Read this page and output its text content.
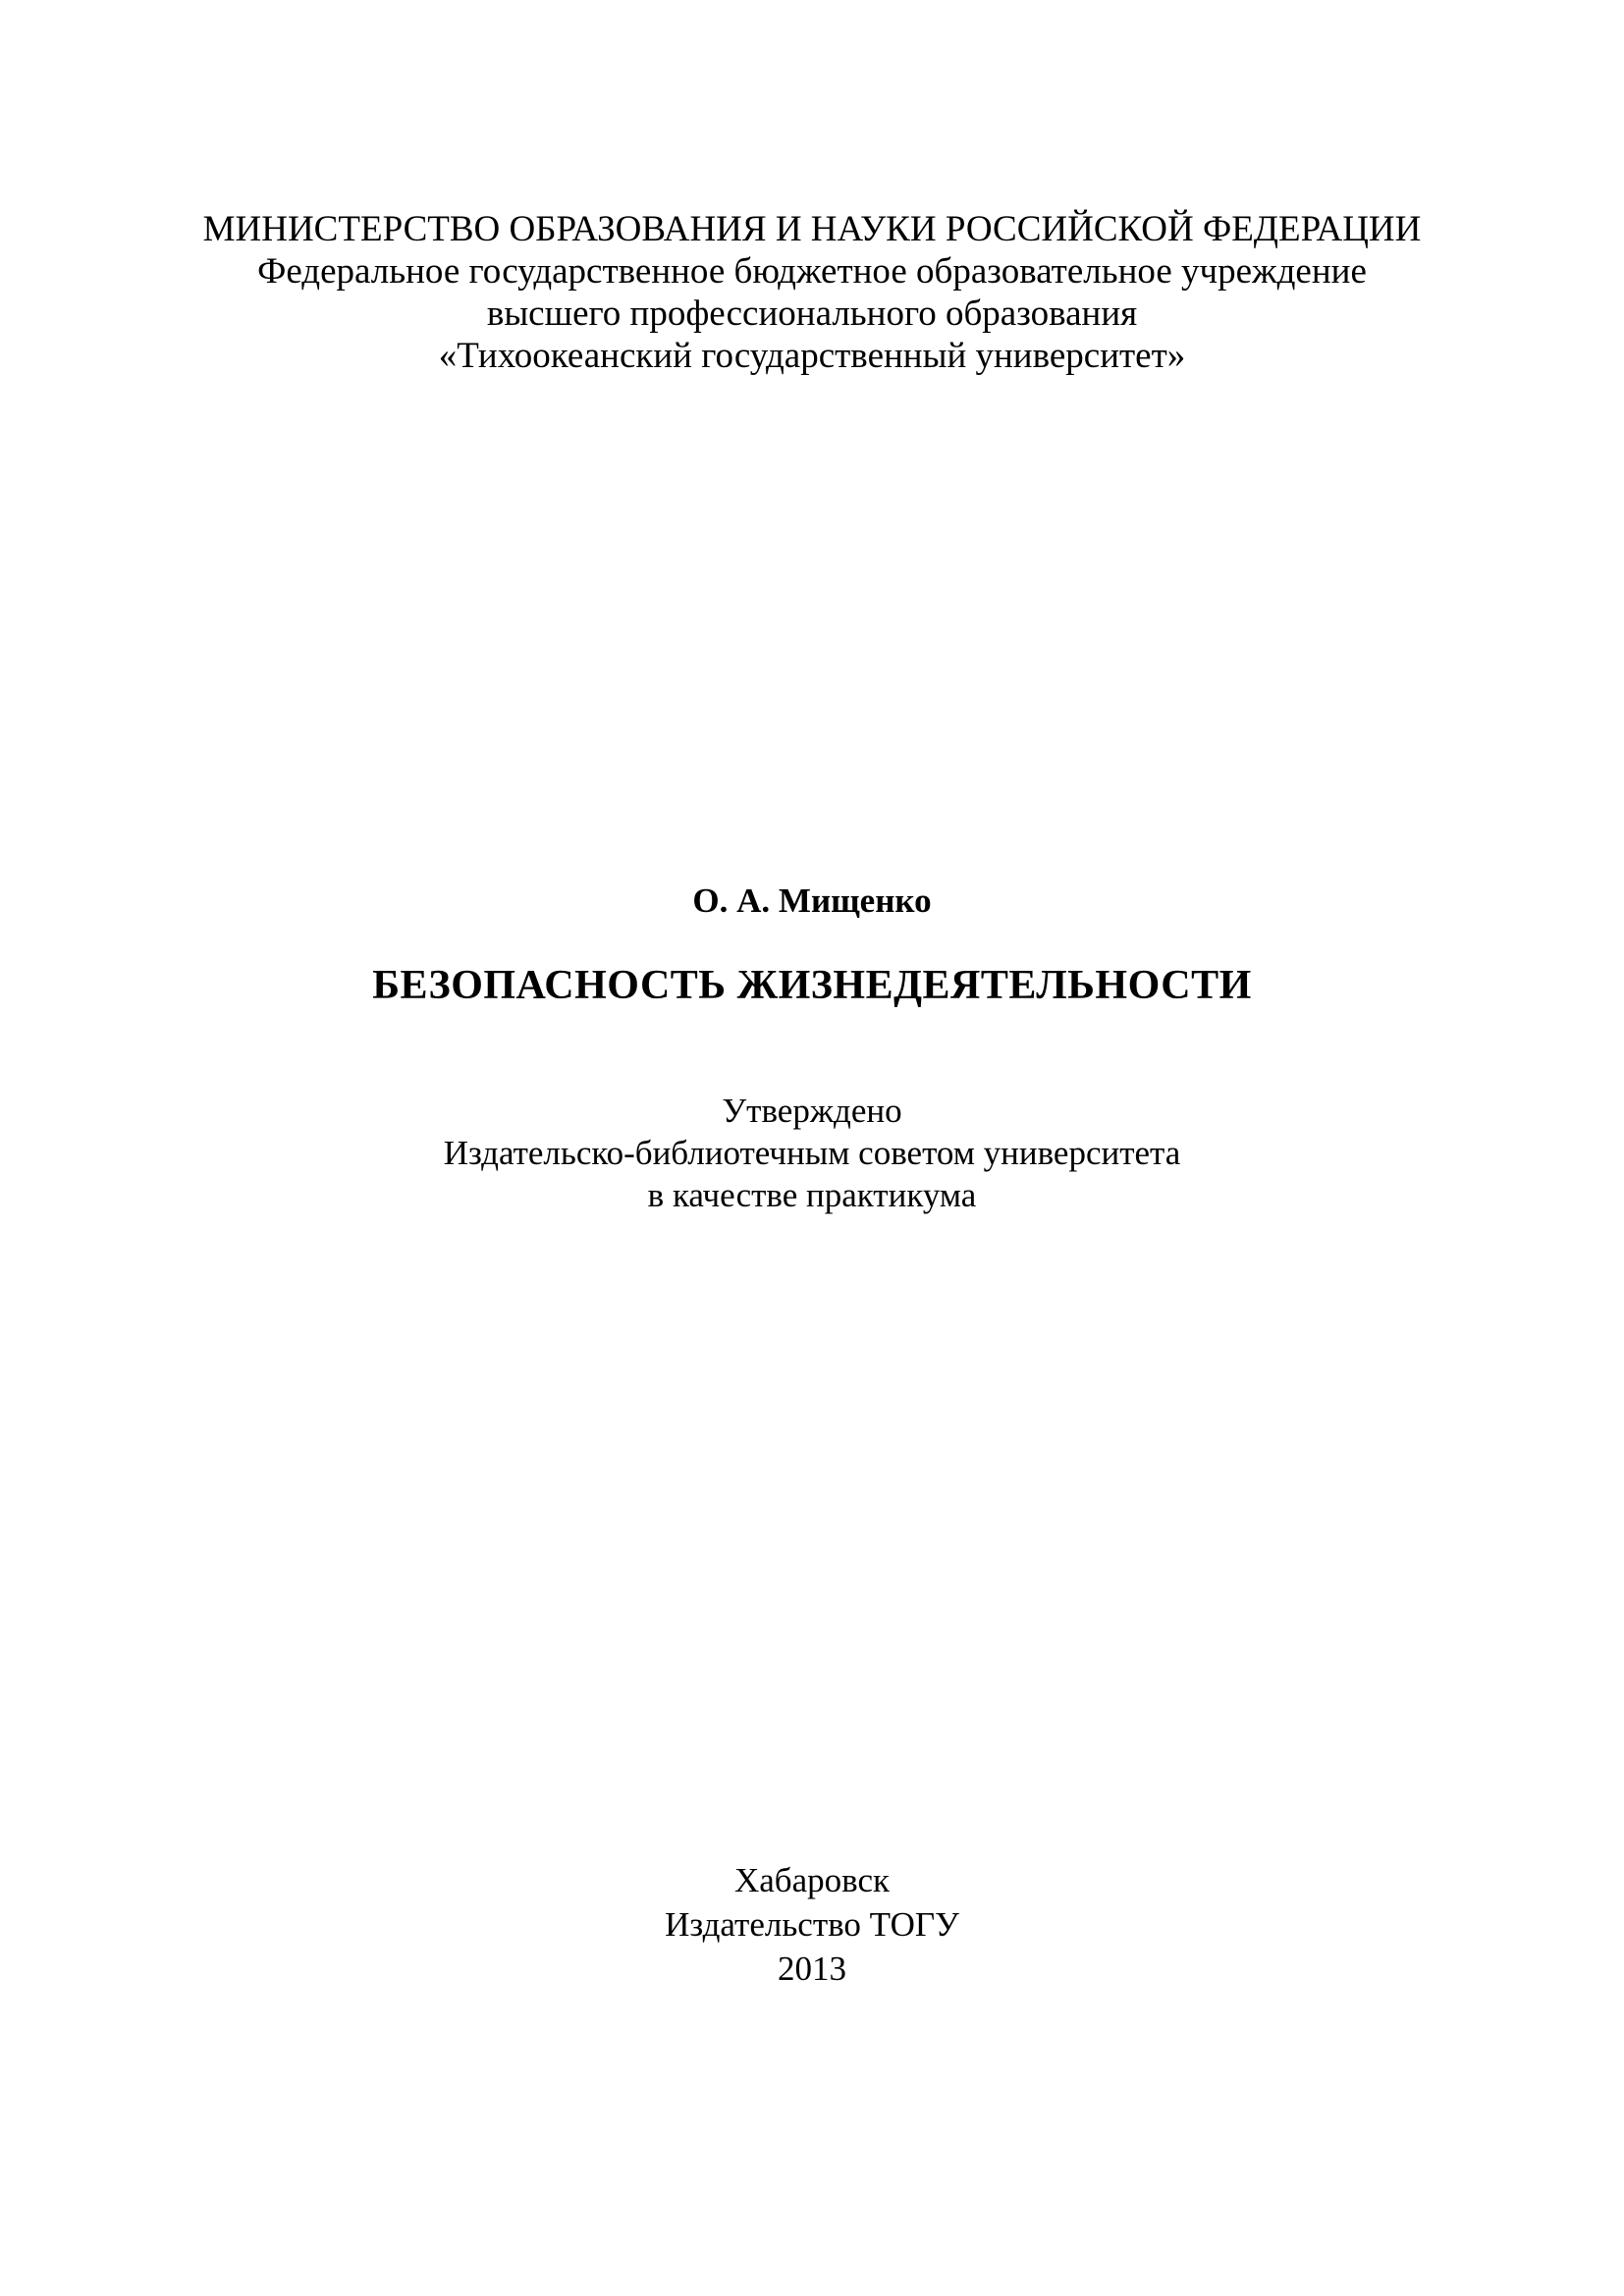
МИНИСТЕРСТВО ОБРАЗОВАНИЯ И НАУКИ РОССИЙСКОЙ ФЕДЕРАЦИИ
Федеральное государственное бюджетное образовательное учреждение
высшего профессионального образования
«Тихоокеанский государственный университет»
О. А. Мищенко
БЕЗОПАСНОСТЬ ЖИЗНЕДЕЯТЕЛЬНОСТИ
Утверждено
Издательско-библиотечным советом университета
в качестве практикума
Хабаровск
Издательство ТОГУ
2013
